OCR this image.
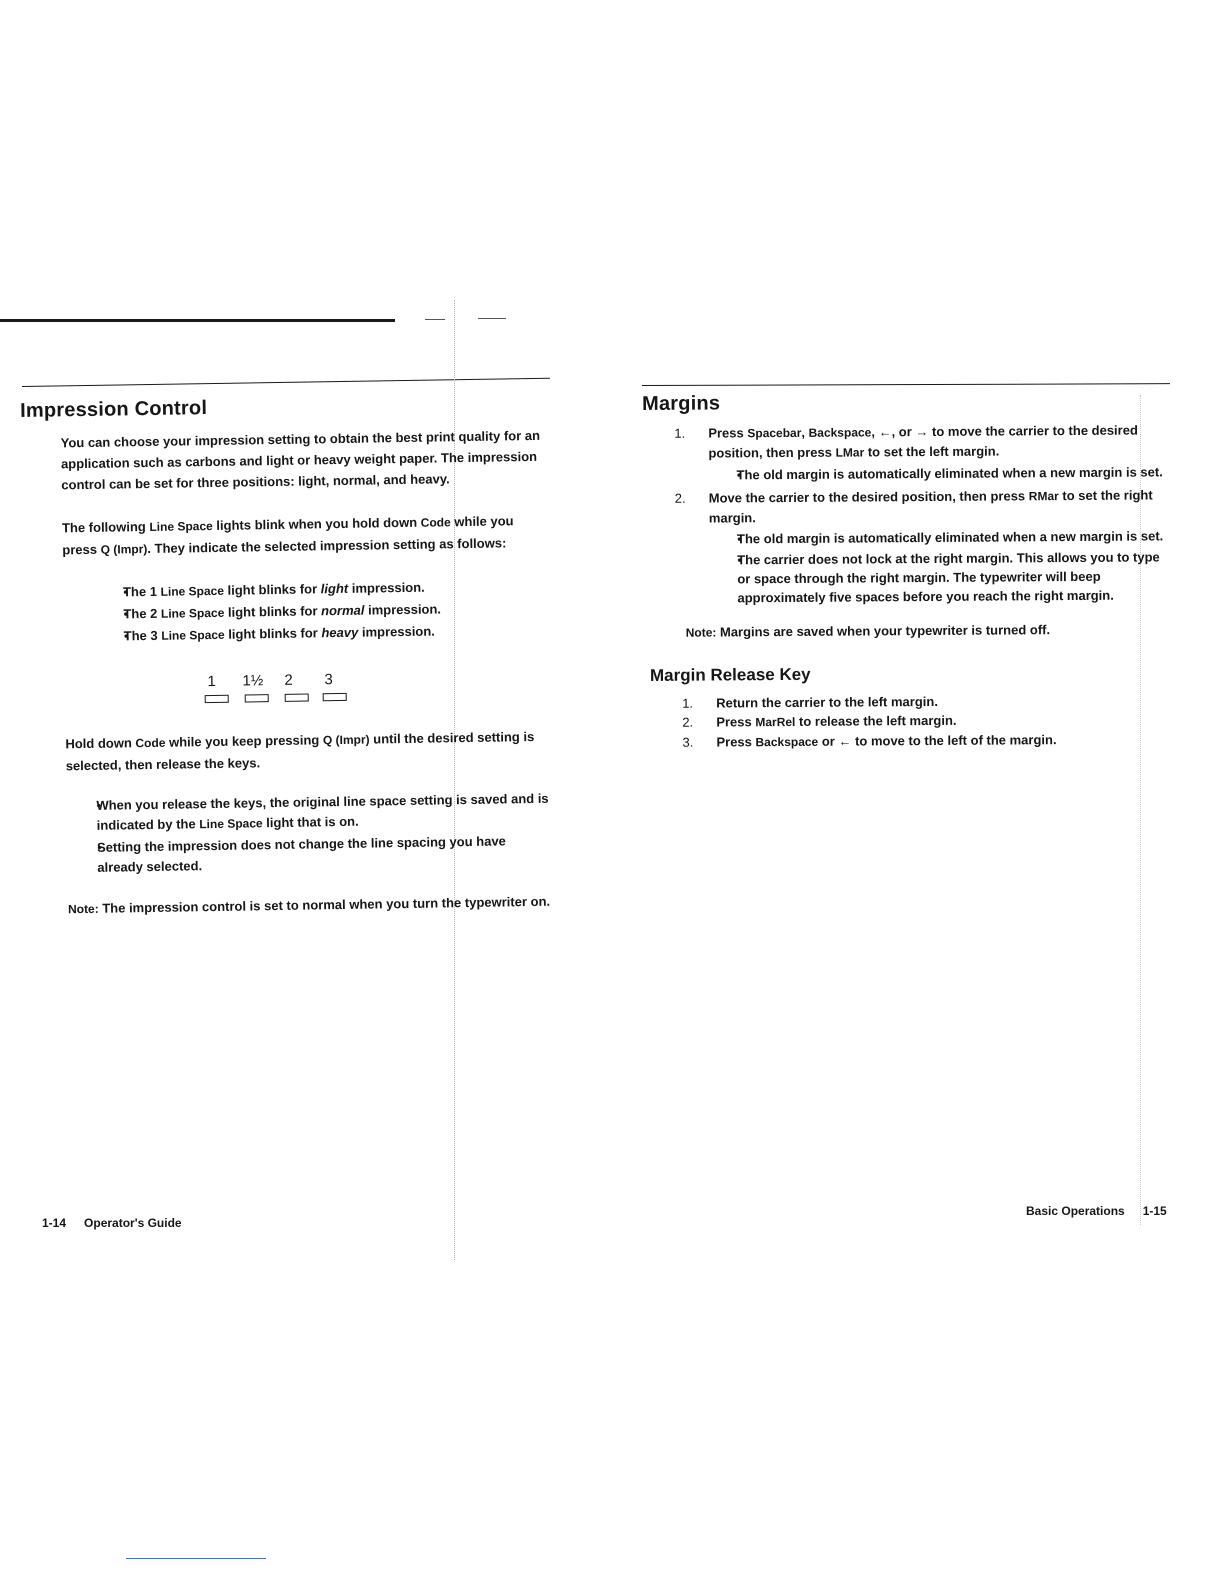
Impression Control

You can choose your impression setting to obtain the best print quality for an application such as carbons and light or heavy weight paper. The impression control can be set for three positions: light, normal, and heavy.

The following Line Space lights blink when you hold down Code while you press Q (Impr). They indicate the selected impression setting as follows:

● The 1 Line Space light blinks for light impression.
● The 2 Line Space light blinks for normal impression.
● The 3 Line Space light blinks for heavy impression.
1 1½ 2 3

Hold down Code while you keep pressing Q (Impr) until the desired setting is selected, then release the keys.

● When you release the keys, the original line space setting is saved and is indicated by the Line Space light that is on.
● Setting the impression does not change the line spacing you have already selected.

Note: The impression control is set to normal when you turn the typewriter on.

Margins
1. Press Spacebar, Backspace, ←, or → to move the carrier to the desired position, then press LMar to set the left margin.
● The old margin is automatically eliminated when a new margin is set.
2. Move the carrier to the desired position, then press RMar to set the right margin.
● The old margin is automatically eliminated when a new margin is set.
● The carrier does not lock at the right margin. This allows you to type or space through the right margin. The typewriter will beep approximately five spaces before you reach the right margin.

Note: Margins are saved when your typewriter is turned off.

Margin Release Key
1. Return the carrier to the left margin.
2. Press MarRel to release the left margin.
3. Press Backspace or ← to move to the left of the margin.
1-14 Operator's Guide
Basic Operations 1-15
